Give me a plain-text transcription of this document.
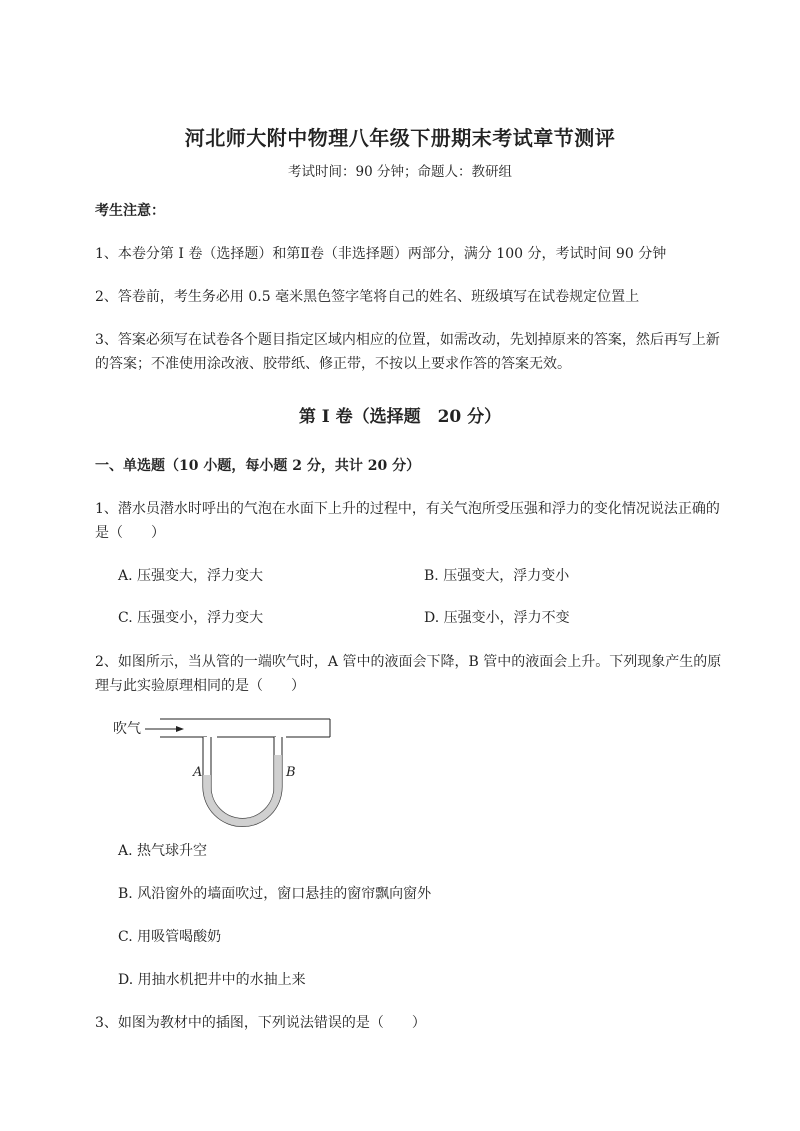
河北师大附中物理八年级下册期末考试章节测评
考试时间：90 分钟；命题人：教研组
考生注意：
1、本卷分第 I 卷（选择题）和第Ⅱ卷（非选择题）两部分，满分 100 分，考试时间 90 分钟
2、答卷前，考生务必用 0.5 毫米黑色签字笔将自己的姓名、班级填写在试卷规定位置上
3、答案必须写在试卷各个题目指定区域内相应的位置，如需改动，先划掉原来的答案，然后再写上新
的答案；不准使用涂改液、胶带纸、修正带，不按以上要求作答的答案无效。
第 I 卷（选择题　20 分）
一、单选题（10 小题，每小题 2 分，共计 20 分）
1、潜水员潜水时呼出的气泡在水面下上升的过程中，有关气泡所受压强和浮力的变化情况说法正确的
是（　　）
A. 压强变大，浮力变大	B. 压强变大，浮力变小
C. 压强变小，浮力变大	D. 压强变小，浮力不变
2、如图所示，当从管的一端吹气时，A 管中的液面会下降，B 管中的液面会上升。下列现象产生的原
理与此实验原理相同的是（　　）
吹气
A	B
A. 热气球升空
B. 风沿窗外的墙面吹过，窗口悬挂的窗帘飘向窗外
C. 用吸管喝酸奶
D. 用抽水机把井中的水抽上来
3、如图为教材中的插图，下列说法错误的是（　　）
